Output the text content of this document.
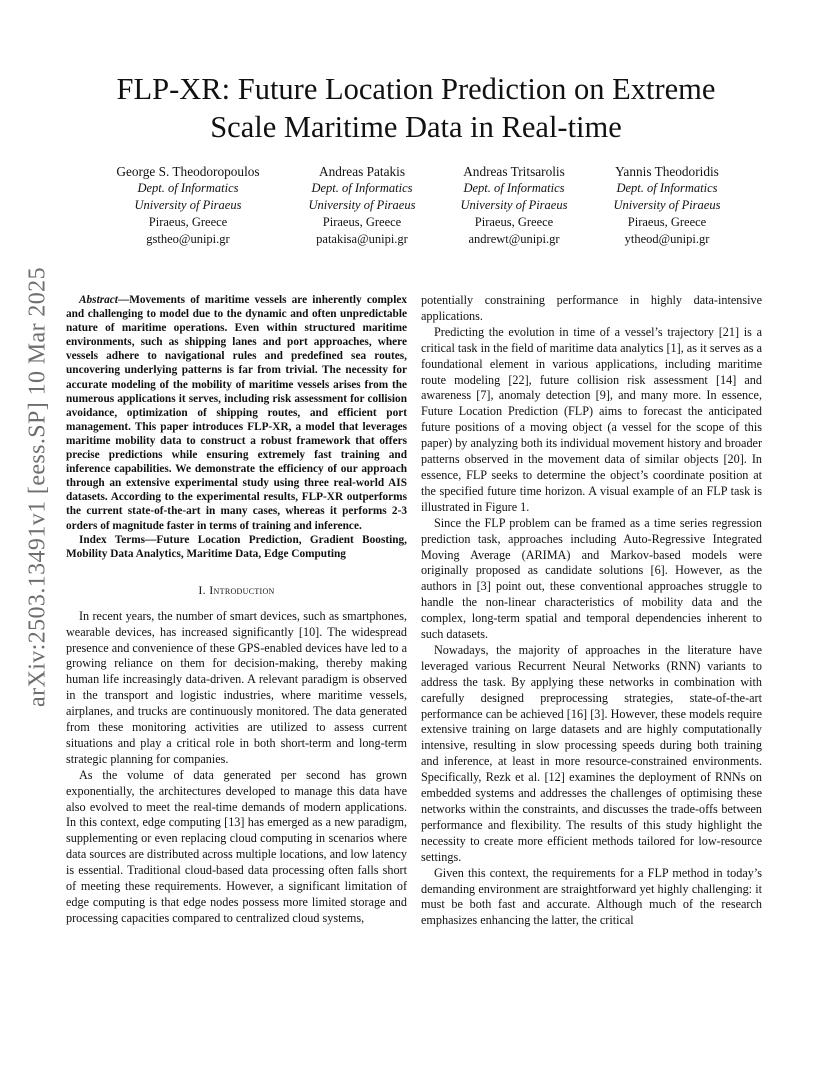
arXiv:2503.13491v1 [eess.SP] 10 Mar 2025
FLP-XR: Future Location Prediction on Extreme
Scale Maritime Data in Real-time
George S. Theodoropoulos
Dept. of Informatics
University of Piraeus
Piraeus, Greece
gstheo@unipi.gr
Andreas Patakis
Dept. of Informatics
University of Piraeus
Piraeus, Greece
patakisa@unipi.gr
Andreas Tritsarolis
Dept. of Informatics
University of Piraeus
Piraeus, Greece
andrewt@unipi.gr
Yannis Theodoridis
Dept. of Informatics
University of Piraeus
Piraeus, Greece
ytheod@unipi.gr

Abstract—Movements of maritime vessels are inherently complex and challenging to model due to the dynamic and often unpredictable nature of maritime operations. Even within structured maritime environments, such as shipping lanes and port approaches, where vessels adhere to navigational rules and predefined sea routes, uncovering underlying patterns is far from trivial. The necessity for accurate modeling of the mobility of maritime vessels arises from the numerous applications it serves, including risk assessment for collision avoidance, optimization of shipping routes, and efficient port management. This paper introduces FLP-XR, a model that leverages maritime mobility data to construct a robust framework that offers precise predictions while ensuring extremely fast training and inference capabilities. We demonstrate the efficiency of our approach through an extensive experimental study using three real-world AIS datasets. According to the experimental results, FLP-XR outperforms the current state-of-the-art in many cases, whereas it performs 2-3 orders of magnitude faster in terms of training and inference.

Index Terms—Future Location Prediction, Gradient Boosting, Mobility Data Analytics, Maritime Data, Edge Computing

I. Introduction

In recent years, the number of smart devices, such as smartphones, wearable devices, has increased significantly [10]. The widespread presence and convenience of these GPS-enabled devices have led to a growing reliance on them for decision-making, thereby making human life increasingly data-driven. A relevant paradigm is observed in the transport and logistic industries, where maritime vessels, airplanes, and trucks are continuously monitored. The data generated from these monitoring activities are utilized to assess current situations and play a critical role in both short-term and long-term strategic planning for companies.

As the volume of data generated per second has grown exponentially, the architectures developed to manage this data have also evolved to meet the real-time demands of modern applications. In this context, edge computing [13] has emerged as a new paradigm, supplementing or even replacing cloud computing in scenarios where data sources are distributed across multiple locations, and low latency is essential. Traditional cloud-based data processing often falls short of meeting these requirements. However, a significant limitation of edge computing is that edge nodes possess more limited storage and processing capacities compared to centralized cloud systems,

potentially constraining performance in highly data-intensive applications.

Predicting the evolution in time of a vessel’s trajectory [21] is a critical task in the field of maritime data analytics [1], as it serves as a foundational element in various applications, including maritime route modeling [22], future collision risk assessment [14] and awareness [7], anomaly detection [9], and many more. In essence, Future Location Prediction (FLP) aims to forecast the anticipated future positions of a moving object (a vessel for the scope of this paper) by analyzing both its individual movement history and broader patterns observed in the movement data of similar objects [20]. In essence, FLP seeks to determine the object’s coordinate position at the specified future time horizon. A visual example of an FLP task is illustrated in Figure 1.

Since the FLP problem can be framed as a time series regression prediction task, approaches including Auto-Regressive Integrated Moving Average (ARIMA) and Markov-based models were originally proposed as candidate solutions [6]. However, as the authors in [3] point out, these conventional approaches struggle to handle the non-linear characteristics of mobility data and the complex, long-term spatial and temporal dependencies inherent to such datasets.

Nowadays, the majority of approaches in the literature have leveraged various Recurrent Neural Networks (RNN) variants to address the task. By applying these networks in combination with carefully designed preprocessing strategies, state-of-the-art performance can be achieved [16] [3]. However, these models require extensive training on large datasets and are highly computationally intensive, resulting in slow processing speeds during both training and inference, at least in more resource-constrained environments. Specifically, Rezk et al. [12] examines the deployment of RNNs on embedded systems and addresses the challenges of optimising these networks within the constraints, and discusses the trade-offs between performance and flexibility. The results of this study highlight the necessity to create more efficient methods tailored for low-resource settings.

Given this context, the requirements for a FLP method in today’s demanding environment are straightforward yet highly challenging: it must be both fast and accurate. Although much of the research emphasizes enhancing the latter, the critical
